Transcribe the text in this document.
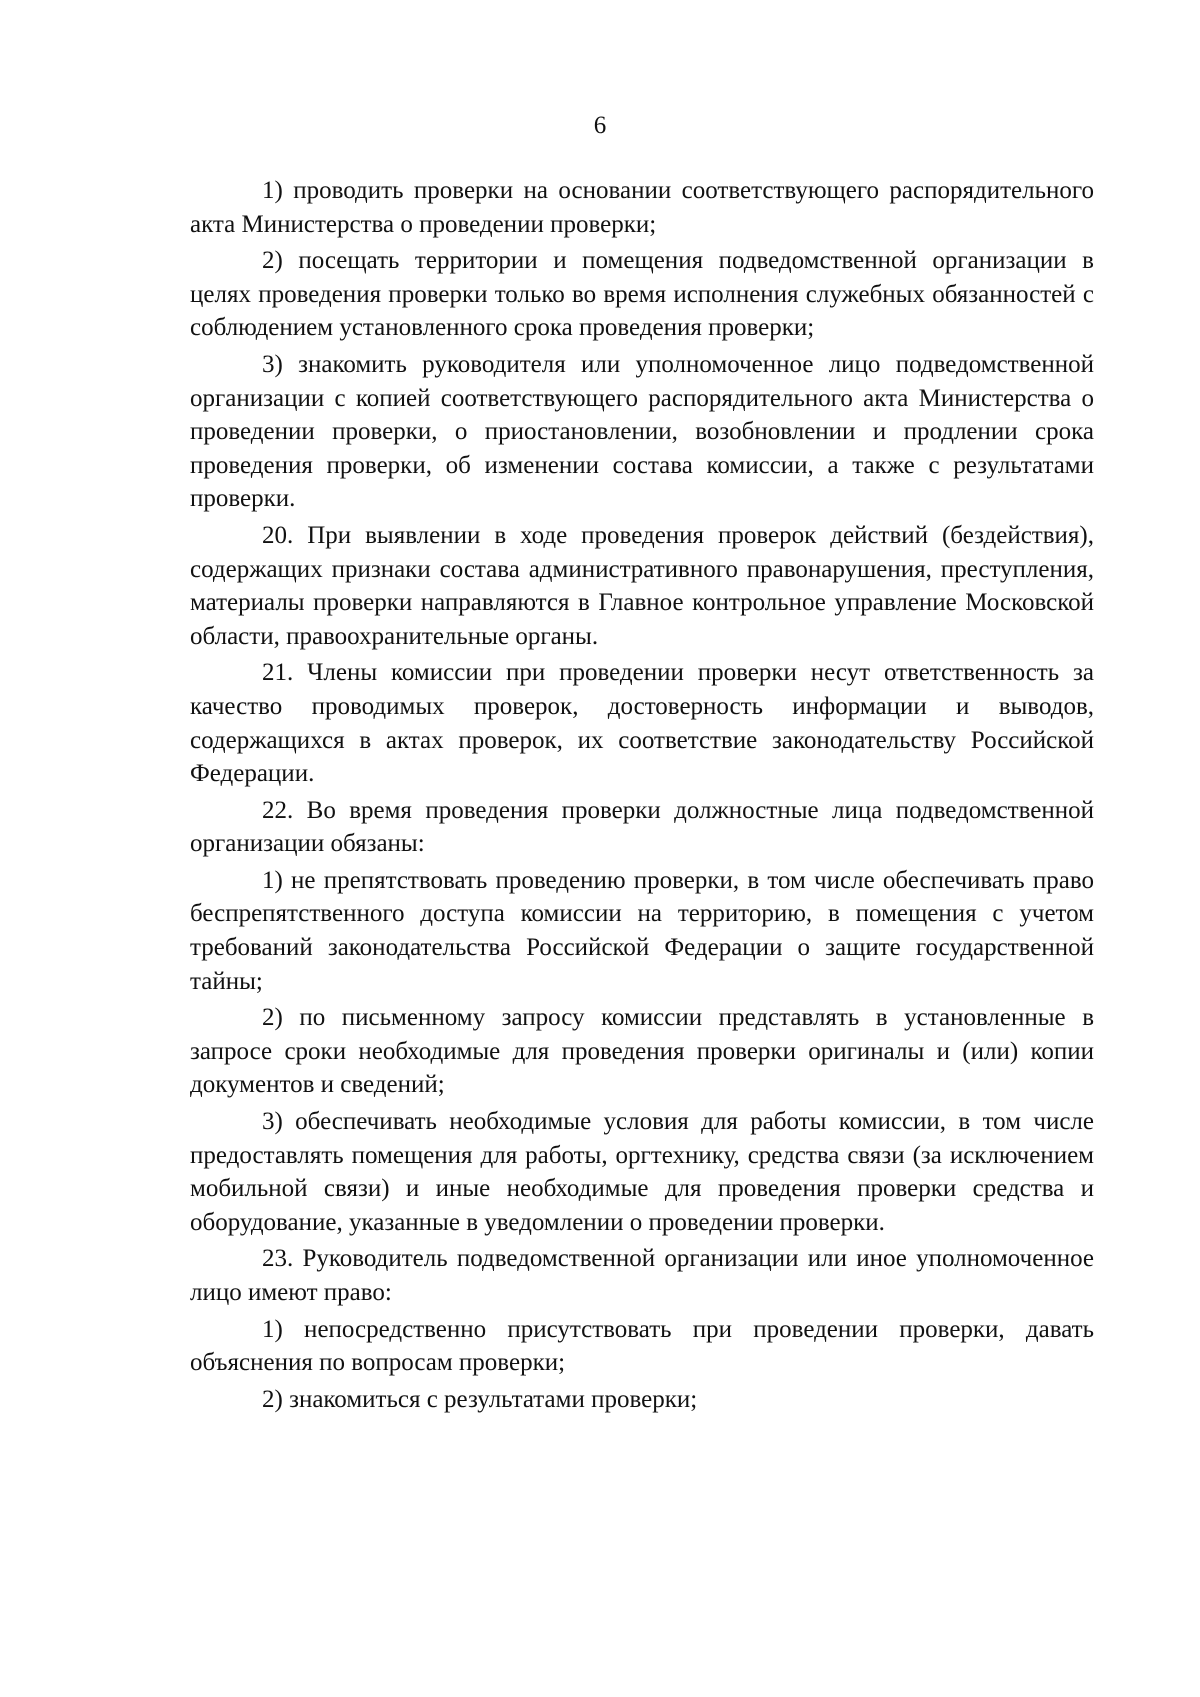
6

1) проводить проверки на основании соответствующего распорядительного акта Министерства о проведении проверки;

2) посещать территории и помещения подведомственной организации в целях проведения проверки только во время исполнения служебных обязанностей с соблюдением установленного срока проведения проверки;

3) знакомить руководителя или уполномоченное лицо подведомственной организации с копией соответствующего распорядительного акта Министерства о проведении проверки, о приостановлении, возобновлении и продлении срока проведения проверки, об изменении состава комиссии, а также с результатами проверки.

20. При выявлении в ходе проведения проверок действий (бездействия), содержащих признаки состава административного правонарушения, преступления, материалы проверки направляются в Главное контрольное управление Московской области, правоохранительные органы.

21. Члены комиссии при проведении проверки несут ответственность за качество проводимых проверок, достоверность информации и выводов, содержащихся в актах проверок, их соответствие законодательству Российской Федерации.

22. Во время проведения проверки должностные лица подведомственной организации обязаны:

1) не препятствовать проведению проверки, в том числе обеспечивать право беспрепятственного доступа комиссии на территорию, в помещения с учетом требований законодательства Российской Федерации о защите государственной тайны;

2) по письменному запросу комиссии представлять в установленные в запросе сроки необходимые для проведения проверки оригиналы и (или) копии документов и сведений;

3) обеспечивать необходимые условия для работы комиссии, в том числе предоставлять помещения для работы, оргтехнику, средства связи (за исключением мобильной связи) и иные необходимые для проведения проверки средства и оборудование, указанные в уведомлении о проведении проверки.

23. Руководитель подведомственной организации или иное уполномоченное лицо имеют право:

1) непосредственно присутствовать при проведении проверки, давать объяснения по вопросам проверки;

2) знакомиться с результатами проверки;
